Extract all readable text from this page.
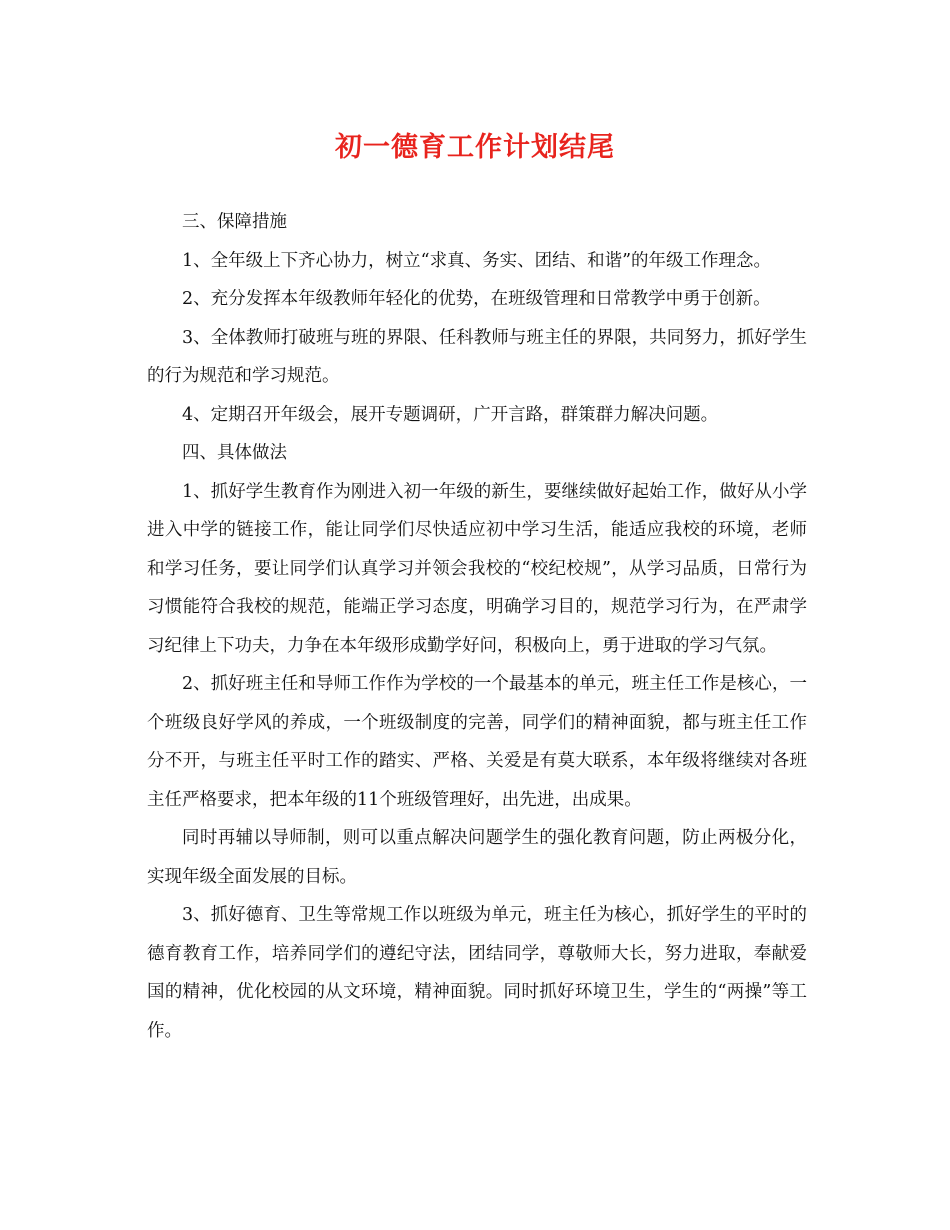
初一德育工作计划结尾

三、保障措施

1、全年级上下齐心协力，树立“求真、务实、团结、和谐”的年级工作理念。

2、充分发挥本年级教师年轻化的优势，在班级管理和日常教学中勇于创新。

3、全体教师打破班与班的界限、任科教师与班主任的界限，共同努力，抓好学生的行为规范和学习规范。

4、定期召开年级会，展开专题调研，广开言路，群策群力解决问题。

四、具体做法

1、抓好学生教育作为刚进入初一年级的新生，要继续做好起始工作，做好从小学进入中学的链接工作，能让同学们尽快适应初中学习生活，能适应我校的环境，老师和学习任务，要让同学们认真学习并领会我校的“校纪校规”，从学习品质，日常行为习惯能符合我校的规范，能端正学习态度，明确学习目的，规范学习行为，在严肃学习纪律上下功夫，力争在本年级形成勤学好问，积极向上，勇于进取的学习气氛。

2、抓好班主任和导师工作作为学校的一个最基本的单元，班主任工作是核心，一个班级良好学风的养成，一个班级制度的完善，同学们的精神面貌，都与班主任工作分不开，与班主任平时工作的踏实、严格、关爱是有莫大联系，本年级将继续对各班主任严格要求，把本年级的11个班级管理好，出先进，出成果。

同时再辅以导师制，则可以重点解决问题学生的强化教育问题，防止两极分化，实现年级全面发展的目标。

3、抓好德育、卫生等常规工作以班级为单元，班主任为核心，抓好学生的平时的德育教育工作，培养同学们的遵纪守法，团结同学，尊敬师大长，努力进取，奉献爱国的精神，优化校园的从文环境，精神面貌。同时抓好环境卫生，学生的“两操”等工作。
